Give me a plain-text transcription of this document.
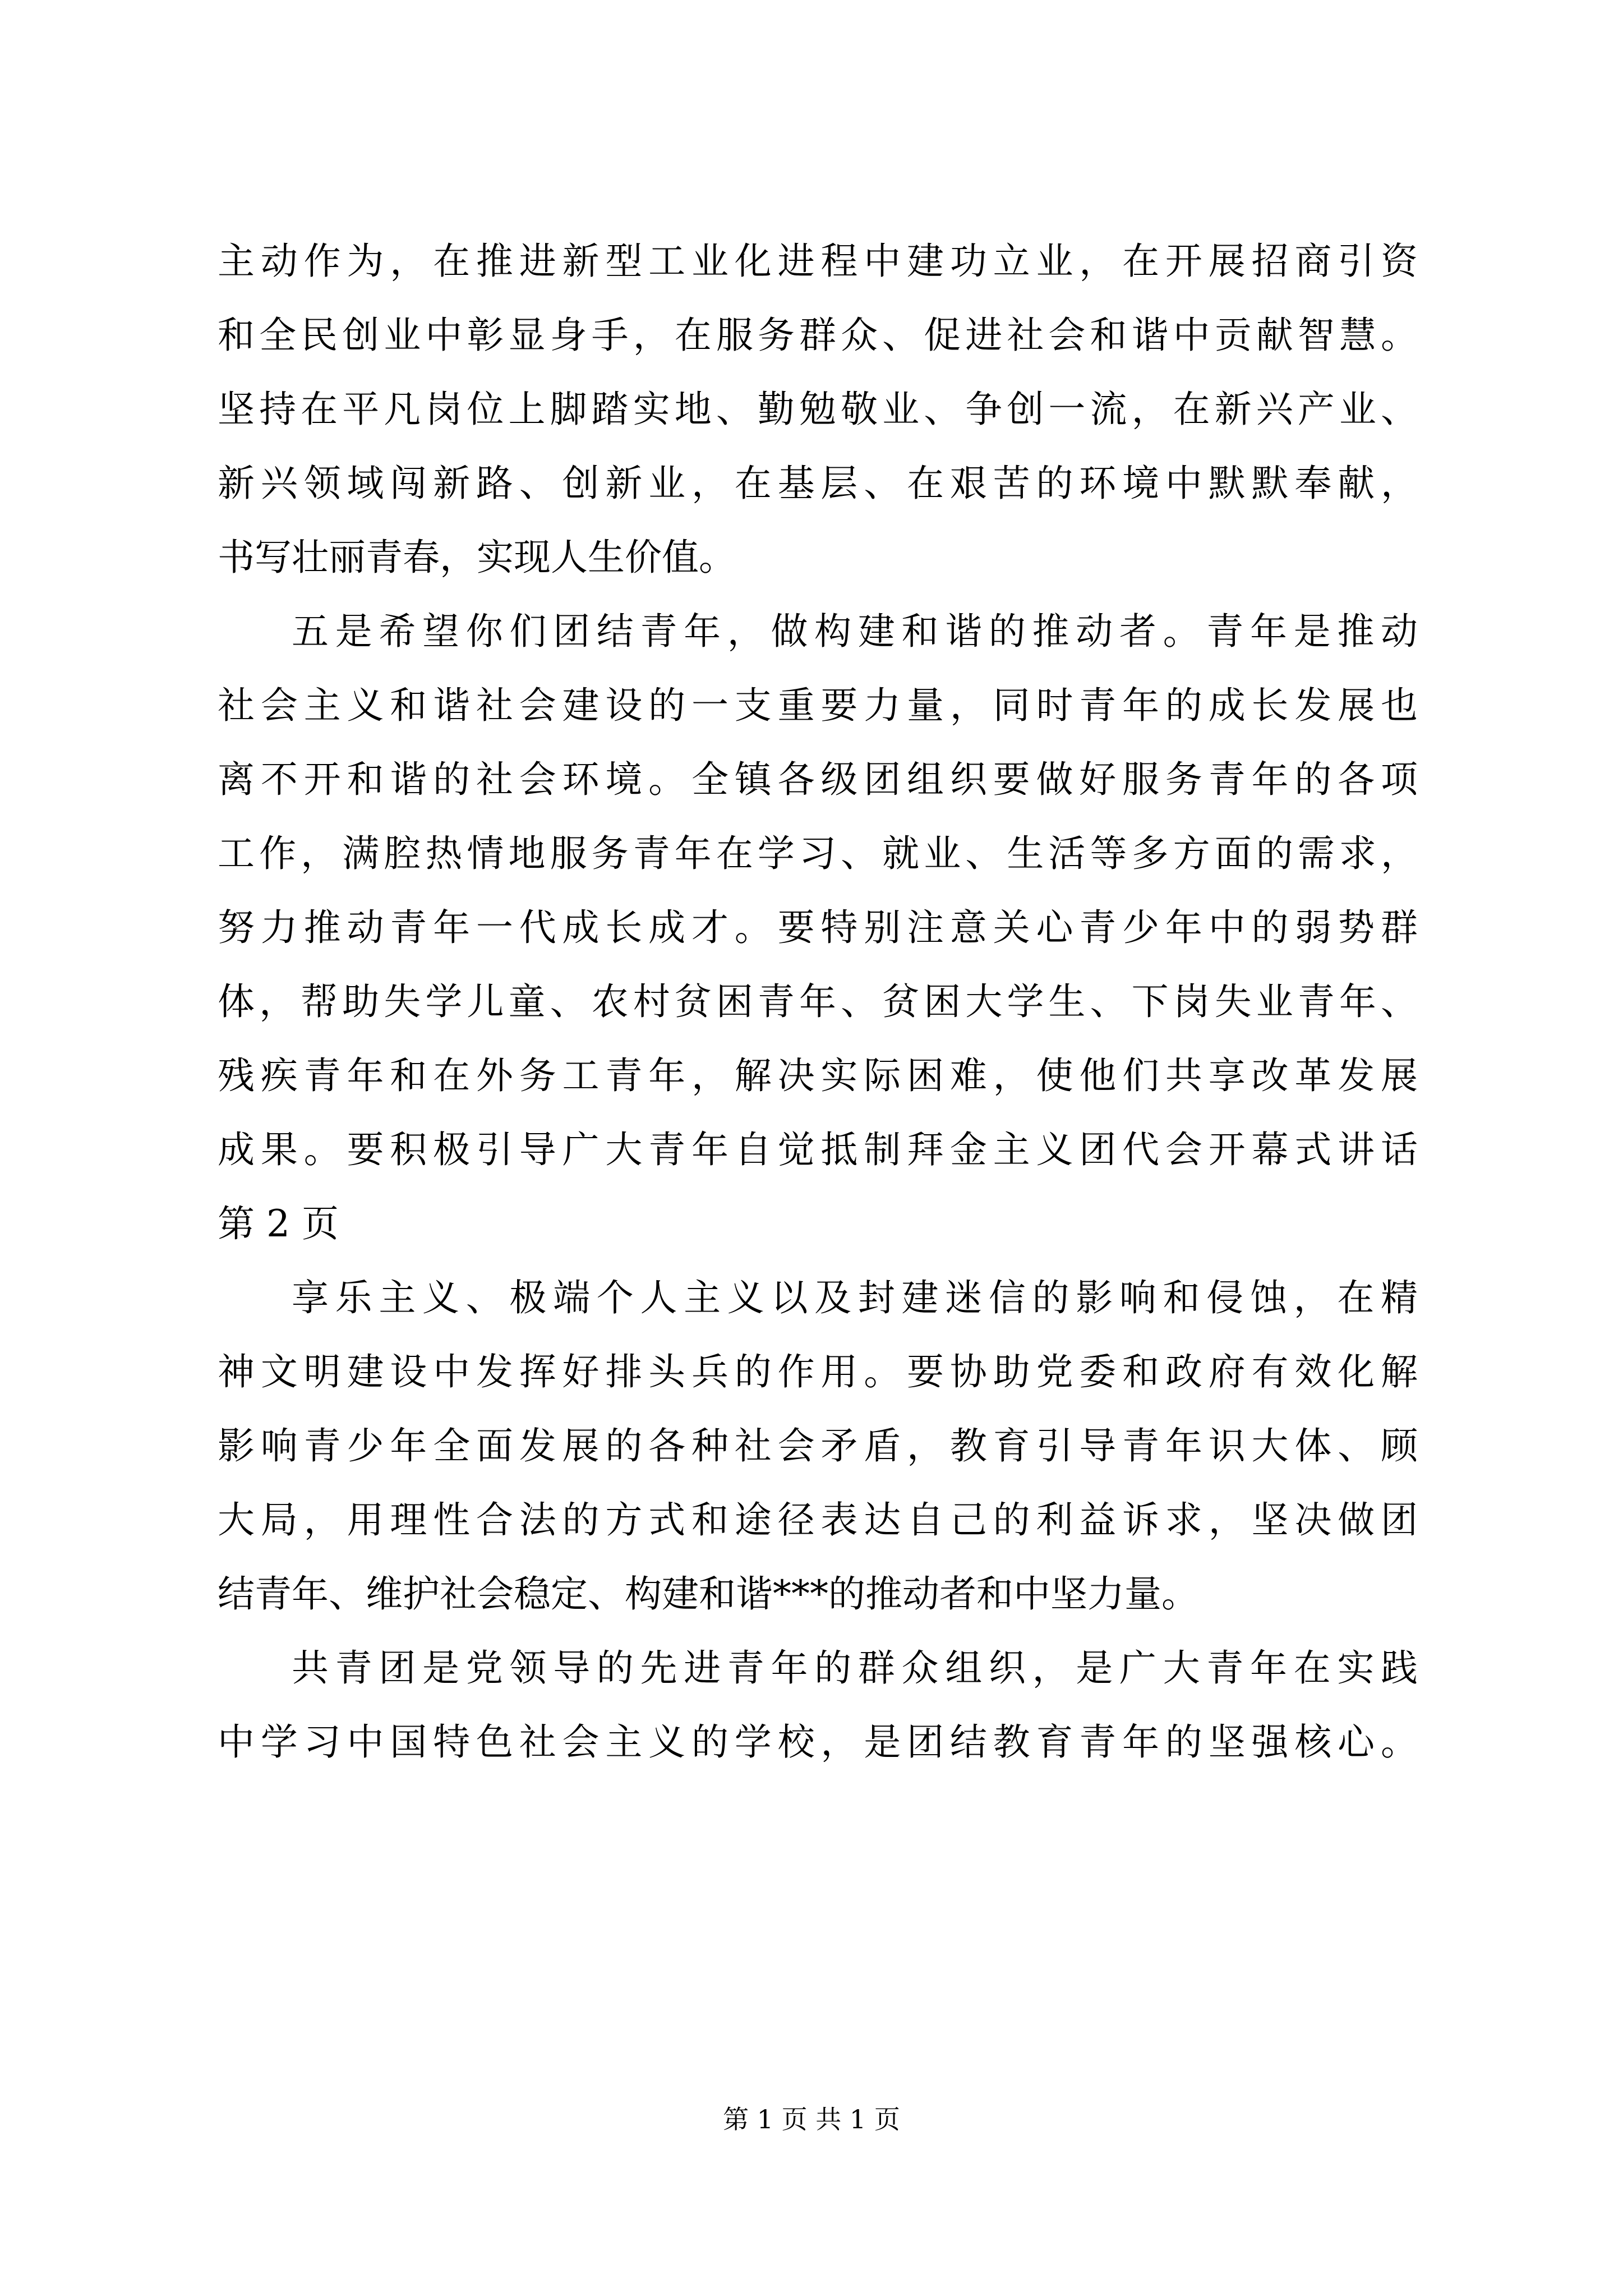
主动作为，在推进新型工业化进程中建功立业，在开展招商引资
和全民创业中彰显身手，在服务群众、促进社会和谐中贡献智慧。
坚持在平凡岗位上脚踏实地、勤勉敬业、争创一流，在新兴产业、
新兴领域闯新路、创新业，在基层、在艰苦的环境中默默奉献，
书写壮丽青春，实现人生价值。
五是希望你们团结青年，做构建和谐的推动者。青年是推动
社会主义和谐社会建设的一支重要力量，同时青年的成长发展也
离不开和谐的社会环境。全镇各级团组织要做好服务青年的各项
工作，满腔热情地服务青年在学习、就业、生活等多方面的需求，
努力推动青年一代成长成才。要特别注意关心青少年中的弱势群
体，帮助失学儿童、农村贫困青年、贫困大学生、下岗失业青年、
残疾青年和在外务工青年，解决实际困难，使他们共享改革发展
成果。要积极引导广大青年自觉抵制拜金主义团代会开幕式讲话
第 2 页
享乐主义、极端个人主义以及封建迷信的影响和侵蚀，在精
神文明建设中发挥好排头兵的作用。要协助党委和政府有效化解
影响青少年全面发展的各种社会矛盾，教育引导青年识大体、顾
大局，用理性合法的方式和途径表达自己的利益诉求，坚决做团
结青年、维护社会稳定、构建和谐***的推动者和中坚力量。
共青团是党领导的先进青年的群众组织，是广大青年在实践
中学习中国特色社会主义的学校，是团结教育青年的坚强核心。
第 1 页 共 1 页
